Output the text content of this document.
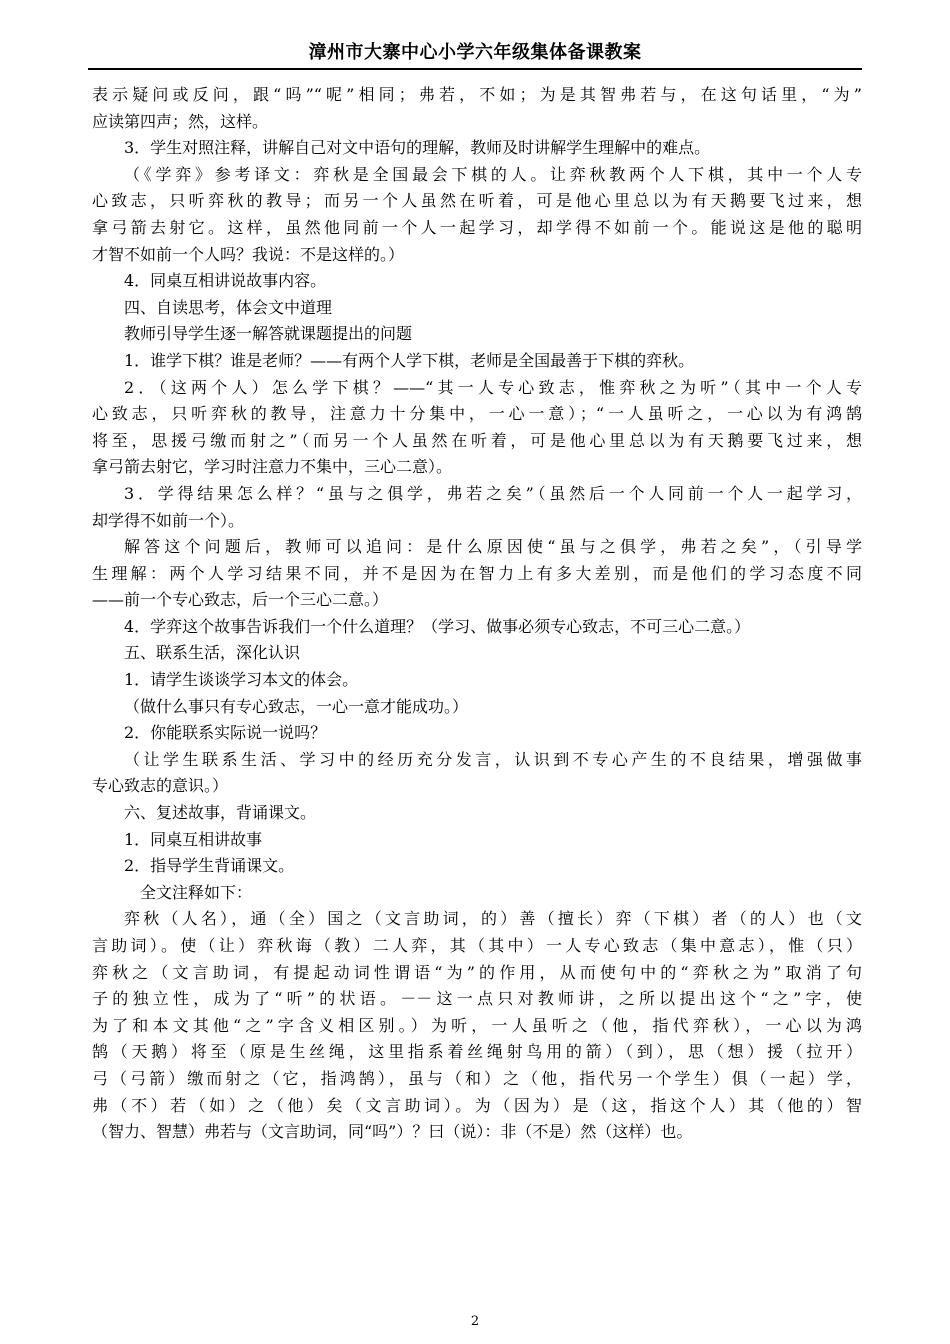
漳州市大寨中心小学六年级集体备课教案
表示疑问或反问，跟“吗”“呢”相同；弗若，不如；为是其智弗若与，在这句话里，“为”
应读第四声；然，这样。
3．学生对照注释，讲解自己对文中语句的理解，教师及时讲解学生理解中的难点。
（《学弈》参考译文：弈秋是全国最会下棋的人。让弈秋教两个人下棋，其中一个人专
心致志，只听弈秋的教导；而另一个人虽然在听着，可是他心里总以为有天鹅要飞过来，想
拿弓箭去射它。这样，虽然他同前一个人一起学习，却学得不如前一个。能说这是他的聪明
才智不如前一个人吗？我说：不是这样的。）
4．同桌互相讲说故事内容。
四、自读思考，体会文中道理
教师引导学生逐一解答就课题提出的问题
1．谁学下棋？谁是老师？——有两个人学下棋，老师是全国最善于下棋的弈秋。
2．（这两个人）怎么学下棋？——“其一人专心致志，惟弈秋之为听”（其中一个人专
心致志，只听弈秋的教导，注意力十分集中，一心一意）；“一人虽听之，一心以为有鸿鹄
将至，思援弓缴而射之”（而另一个人虽然在听着，可是他心里总以为有天鹅要飞过来，想
拿弓箭去射它，学习时注意力不集中，三心二意）。
3．学得结果怎么样？“虽与之俱学，弗若之矣”（虽然后一个人同前一个人一起学习，
却学得不如前一个）。
解答这个问题后，教师可以追问：是什么原因使“虽与之俱学，弗若之矣”，（引导学
生理解：两个人学习结果不同，并不是因为在智力上有多大差别，而是他们的学习态度不同
——前一个专心致志，后一个三心二意。）
4．学弈这个故事告诉我们一个什么道理？（学习、做事必须专心致志，不可三心二意。）
五、联系生活，深化认识
1．请学生谈谈学习本文的体会。
（做什么事只有专心致志，一心一意才能成功。）
2．你能联系实际说一说吗？
（让学生联系生活、学习中的经历充分发言，认识到不专心产生的不良结果，增强做事
专心致志的意识。）
六、复述故事，背诵课文。
1．同桌互相讲故事
2．指导学生背诵课文。
全文注释如下：
弈秋（人名），通（全）国之（文言助词，的）善（擅长）弈（下棋）者（的人）也（文
言助词）。使（让）弈秋诲（教）二人弈，其（其中）一人专心致志（集中意志），惟（只）
弈秋之（文言助词，有提起动词性谓语“为”的作用，从而使句中的“弈秋之为”取消了句
子的独立性，成为了“听”的状语。－－这一点只对教师讲，之所以提出这个“之”字，使
为了和本文其他“之”字含义相区别。）为听，一人虽听之（他，指代弈秋），一心以为鸿
鹄（天鹅）将至（原是生丝绳，这里指系着丝绳射鸟用的箭）（到），思（想）援（拉开）
弓（弓箭）缴而射之（它，指鸿鹄），虽与（和）之（他，指代另一个学生）俱（一起）学，
弗（不）若（如）之（他）矣（文言助词）。为（因为）是（这，指这个人）其（他的）智
（智力、智慧）弗若与（文言助词，同“吗”）？曰（说）：非（不是）然（这样）也。
2
